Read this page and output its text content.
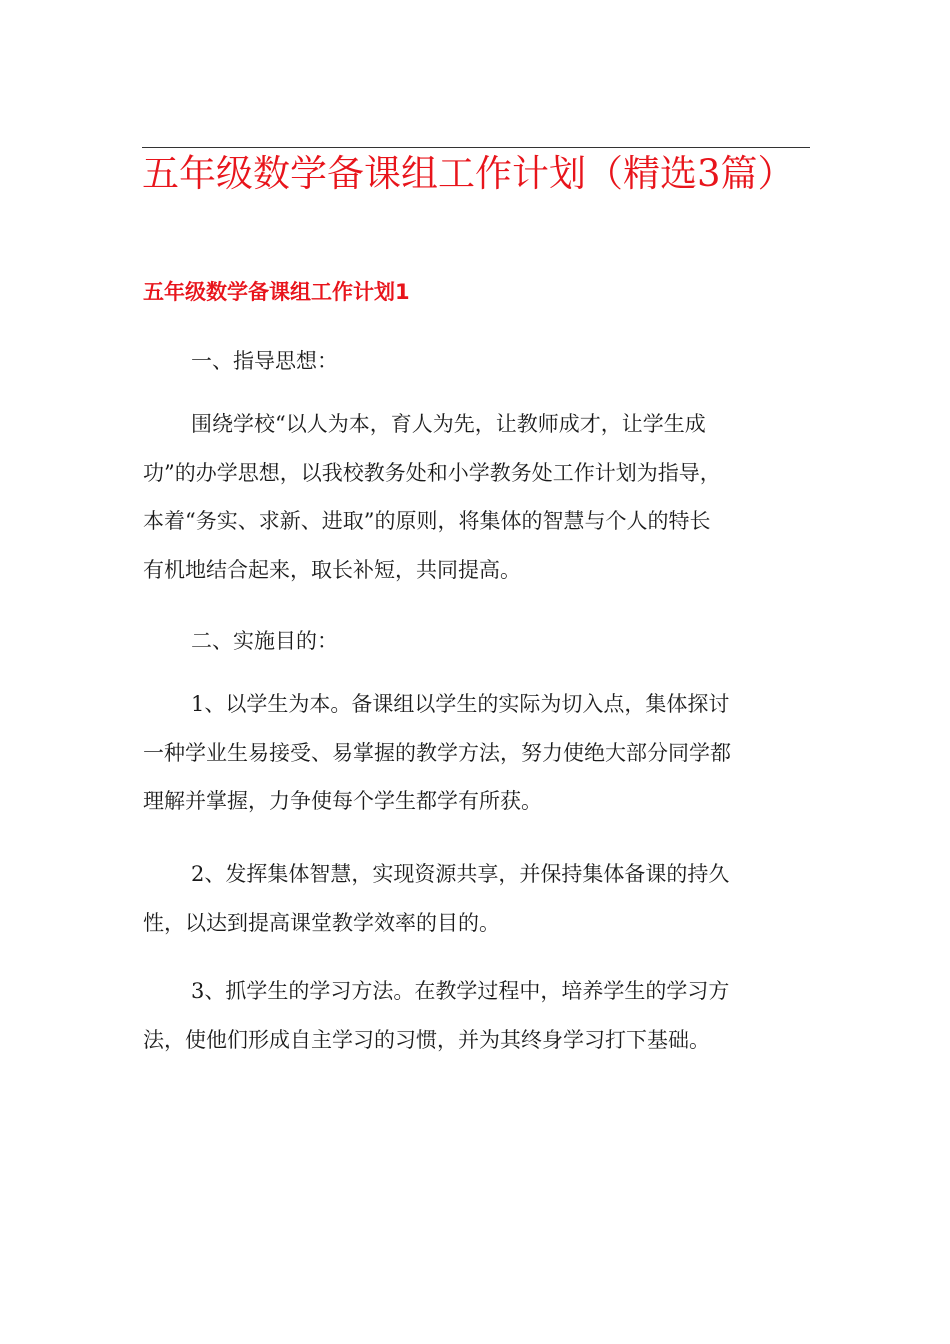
五年级数学备课组工作计划（精选3篇）
五年级数学备课组工作计划1

一、指导思想：

围绕学校“以人为本，育人为先，让教师成才，让学生成
功”的办学思想，以我校教务处和小学教务处工作计划为指导，
本着“务实、求新、进取”的原则，将集体的智慧与个人的特长
有机地结合起来，取长补短，共同提高。

二、实施目的：

1、以学生为本。备课组以学生的实际为切入点，集体探讨
一种学业生易接受、易掌握的教学方法，努力使绝大部分同学都
理解并掌握，力争使每个学生都学有所获。

2、发挥集体智慧，实现资源共享，并保持集体备课的持久
性，以达到提高课堂教学效率的目的。

3、抓学生的学习方法。在教学过程中，培养学生的学习方
法，使他们形成自主学习的习惯，并为其终身学习打下基础。
